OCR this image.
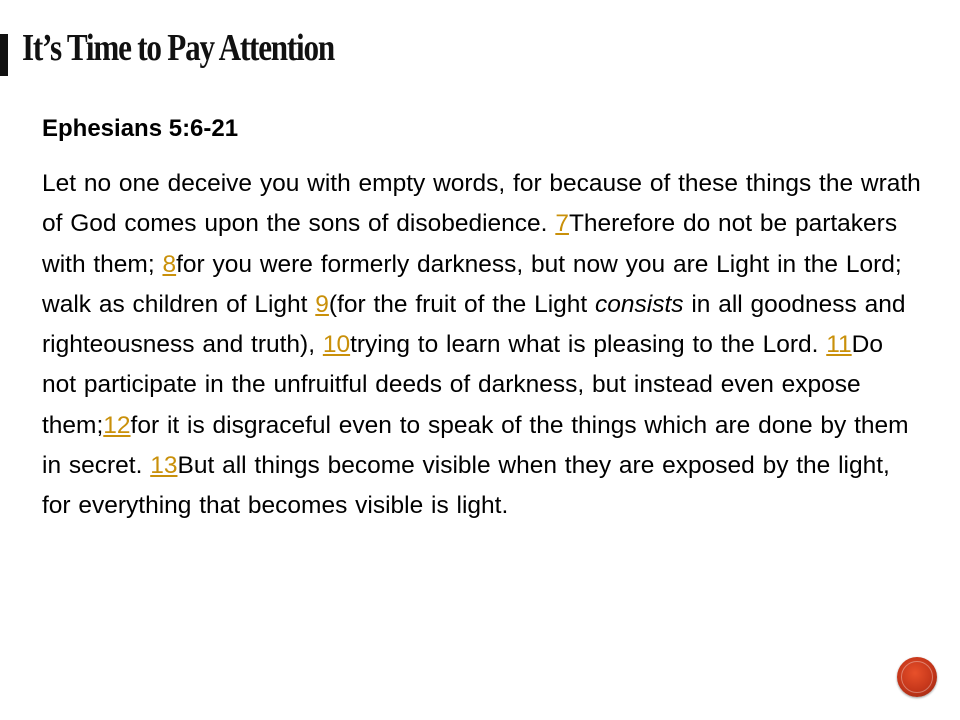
It’s Time to Pay Attention

Ephesians 5:6-21

Let no one deceive you with empty words, for because of these things the wrath of God comes upon the sons of disobedience. 7Therefore do not be partakers with them; 8for you were formerly darkness, but now you are Light in the Lord; walk as children of Light 9(for the fruit of the Light consists in all goodness and righteousness and truth), 10trying to learn what is pleasing to the Lord. 11Do not participate in the unfruitful deeds of darkness, but instead even expose them;12for it is disgraceful even to speak of the things which are done by them in secret. 13But all things become visible when they are exposed by the light, for everything that becomes visible is light.
